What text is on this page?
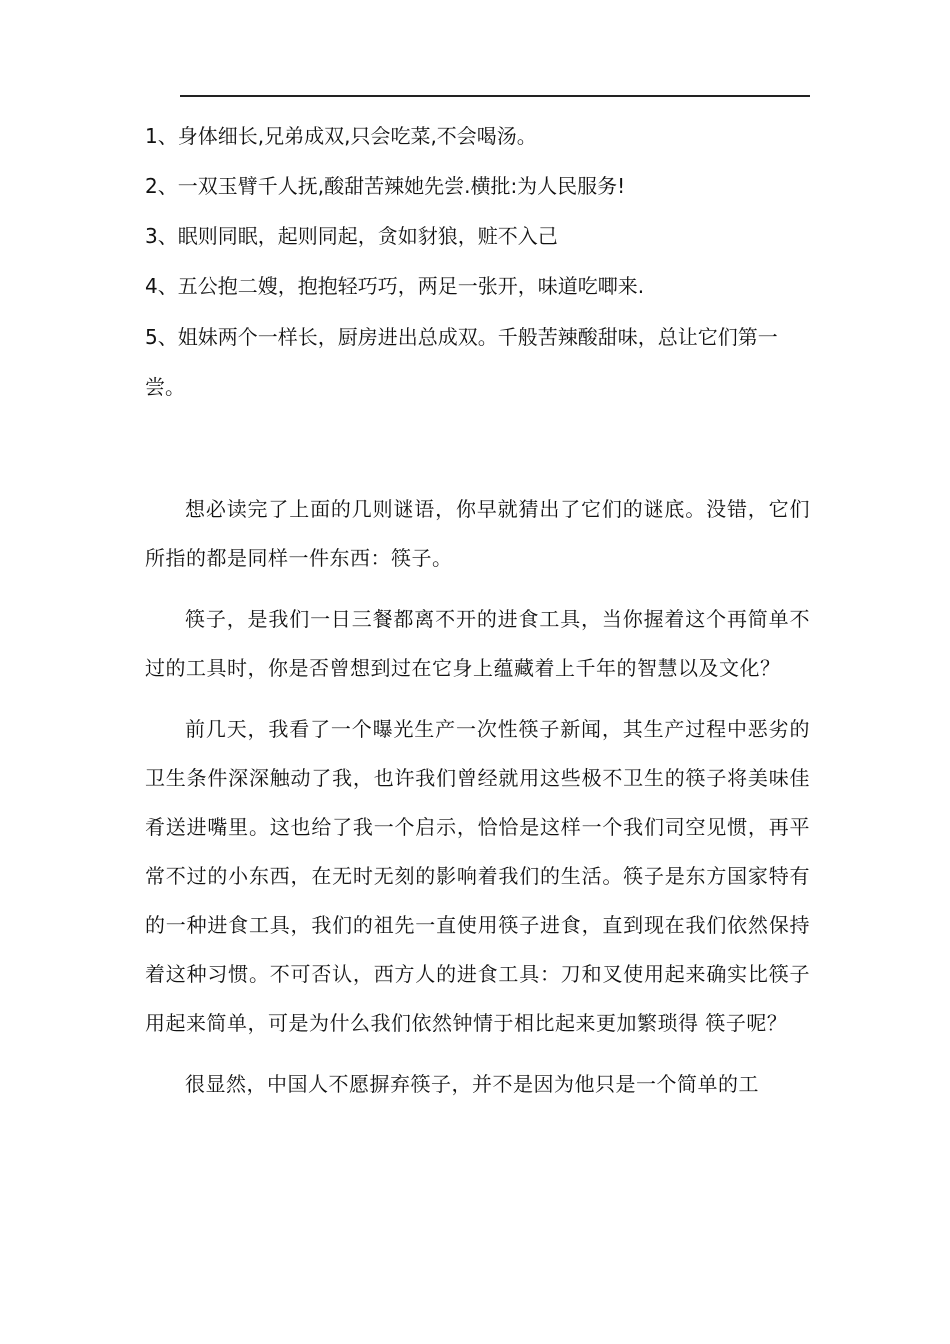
1、身体细长,兄弟成双,只会吃菜,不会喝汤。

2、一双玉臂千人抚,酸甜苦辣她先尝.横批:为人民服务!

3、眠则同眠，起则同起，贪如豺狼，赃不入己

4、五公抱二嫂，抱抱轻巧巧，两足一张开，味道吃唧来.

5、姐妹两个一样长，厨房进出总成双。千般苦辣酸甜味，总让它们第一尝。

想必读完了上面的几则谜语，你早就猜出了它们的谜底。没错，它们所指的都是同样一件东西：筷子。

筷子，是我们一日三餐都离不开的进食工具，当你握着这个再简单不过的工具时，你是否曾想到过在它身上蕴藏着上千年的智慧以及文化？

前几天，我看了一个曝光生产一次性筷子新闻，其生产过程中恶劣的卫生条件深深触动了我，也许我们曾经就用这些极不卫生的筷子将美味佳肴送进嘴里。这也给了我一个启示，恰恰是这样一个我们司空见惯，再平常不过的小东西，在无时无刻的影响着我们的生活。筷子是东方国家特有的一种进食工具，我们的祖先一直使用筷子进食，直到现在我们依然保持着这种习惯。不可否认，西方人的进食工具：刀和叉使用起来确实比筷子用起来简单，可是为什么我们依然钟情于相比起来更加繁琐得 筷子呢？

很显然，中国人不愿摒弃筷子，并不是因为他只是一个简单的工
